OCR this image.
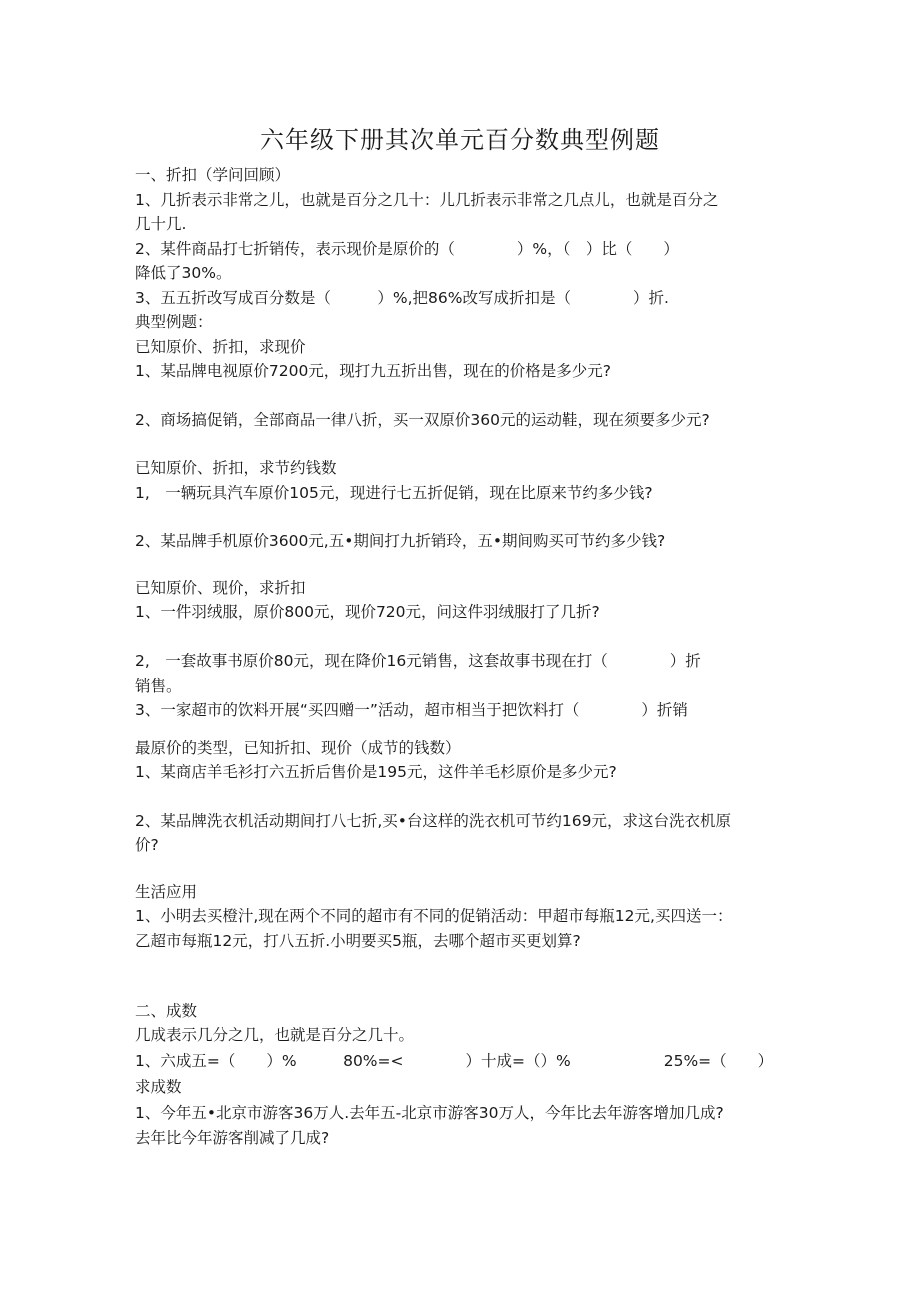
六年级下册其次单元百分数典型例题
一、折扣（学问回顾）
1、几折表示非常之儿，也就是百分之几十：儿几折表示非常之几点儿，也就是百分之
几十几.
2、某件商品打七折销传，表示现价是原价的（　　　　）%，（　）比（　　）
降低了30%。
3、五五折改写成百分数是（　　　）%,把86%改写成折扣是（　　　　）折.
典型例题：
已知原价、折扣，求现价
1、某品牌电视原价7200元，现打九五折出售，现在的价格是多少元?
2、商场搞促销，全部商品一律八折，买一双原价360元的运动鞋，现在须要多少元?
已知原价、折扣，求节约钱数
1,　一辆玩具汽车原价105元，现进行七五折促销，现在比原来节约多少钱?
2、某品牌手机原价3600元,五•期间打九折销玲，五•期间购买可节约多少钱?
已知原价、现价，求折扣
1、一件羽绒服，原价800元，现价720元，问这件羽绒服打了几折?
2,　一套故事书原价80元，现在降价16元销售，这套故事书现在打（　　　　）折
销售。
3、一家超市的饮料开展“买四赠一”活动，超市相当于把饮料打（　　　　）折销
最原价的类型，已知折扣、现价（成节的钱数）
1、某商店羊毛衫打六五折后售价是195元，这件羊毛杉原价是多少元?
2、某品牌洗衣机活动期间打八七折,买•台这样的洗衣机可节约169元，求这台洗衣机原
价?
生活应用
1、小明去买橙汁,现在两个不同的超市有不同的促销活动：甲超市每瓶12元,买四送一：
乙超市每瓶12元，打八五折.小明要买5瓶，去哪个超市买更划算?
二、成数
几成表示几分之几，也就是百分之几十。
1、六成五=（　　）%　　　80%=<　　　　）十成=（）%　　　　　　25%=（　　）
求成数
1、今年五•北京市游客36万人.去年五-北京市游客30万人，今年比去年游客增加几成?
去年比今年游客削减了几成?
